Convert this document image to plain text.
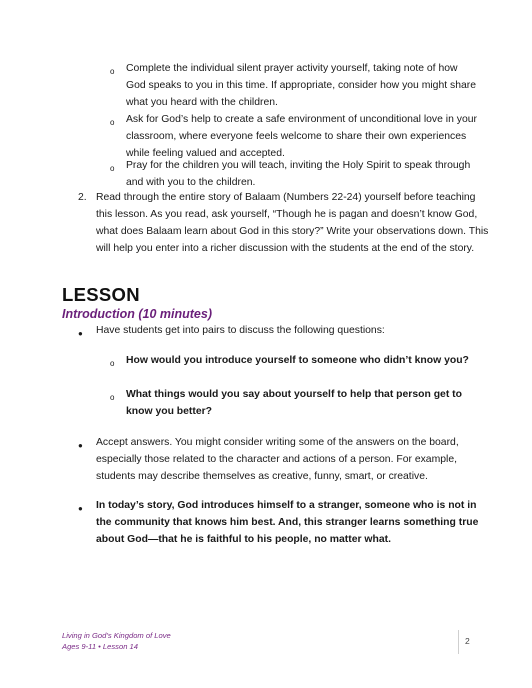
o Complete the individual silent prayer activity yourself, taking note of how God speaks to you in this time. If appropriate, consider how you might share what you heard with the children.
o Ask for God’s help to create a safe environment of unconditional love in your classroom, where everyone feels welcome to share their own experiences while feeling valued and accepted.
o Pray for the children you will teach, inviting the Holy Spirit to speak through and with you to the children.
2. Read through the entire story of Balaam (Numbers 22-24) yourself before teaching this lesson. As you read, ask yourself, “Though he is pagan and doesn’t know God, what does Balaam learn about God in this story?” Write your observations down. This will help you enter into a richer discussion with the students at the end of the story.
LESSON
Introduction (10 minutes)
● Have students get into pairs to discuss the following questions:
o How would you introduce yourself to someone who didn’t know you?
o What things would you say about yourself to help that person get to know you better?
● Accept answers. You might consider writing some of the answers on the board, especially those related to the character and actions of a person. For example, students may describe themselves as creative, funny, smart, or creative.
● In today’s story, God introduces himself to a stranger, someone who is not in the community that knows him best. And, this stranger learns something true about God—that he is faithful to his people, no matter what.
Living in God’s Kingdom of Love
Ages 9-11 • Lesson 14
2
